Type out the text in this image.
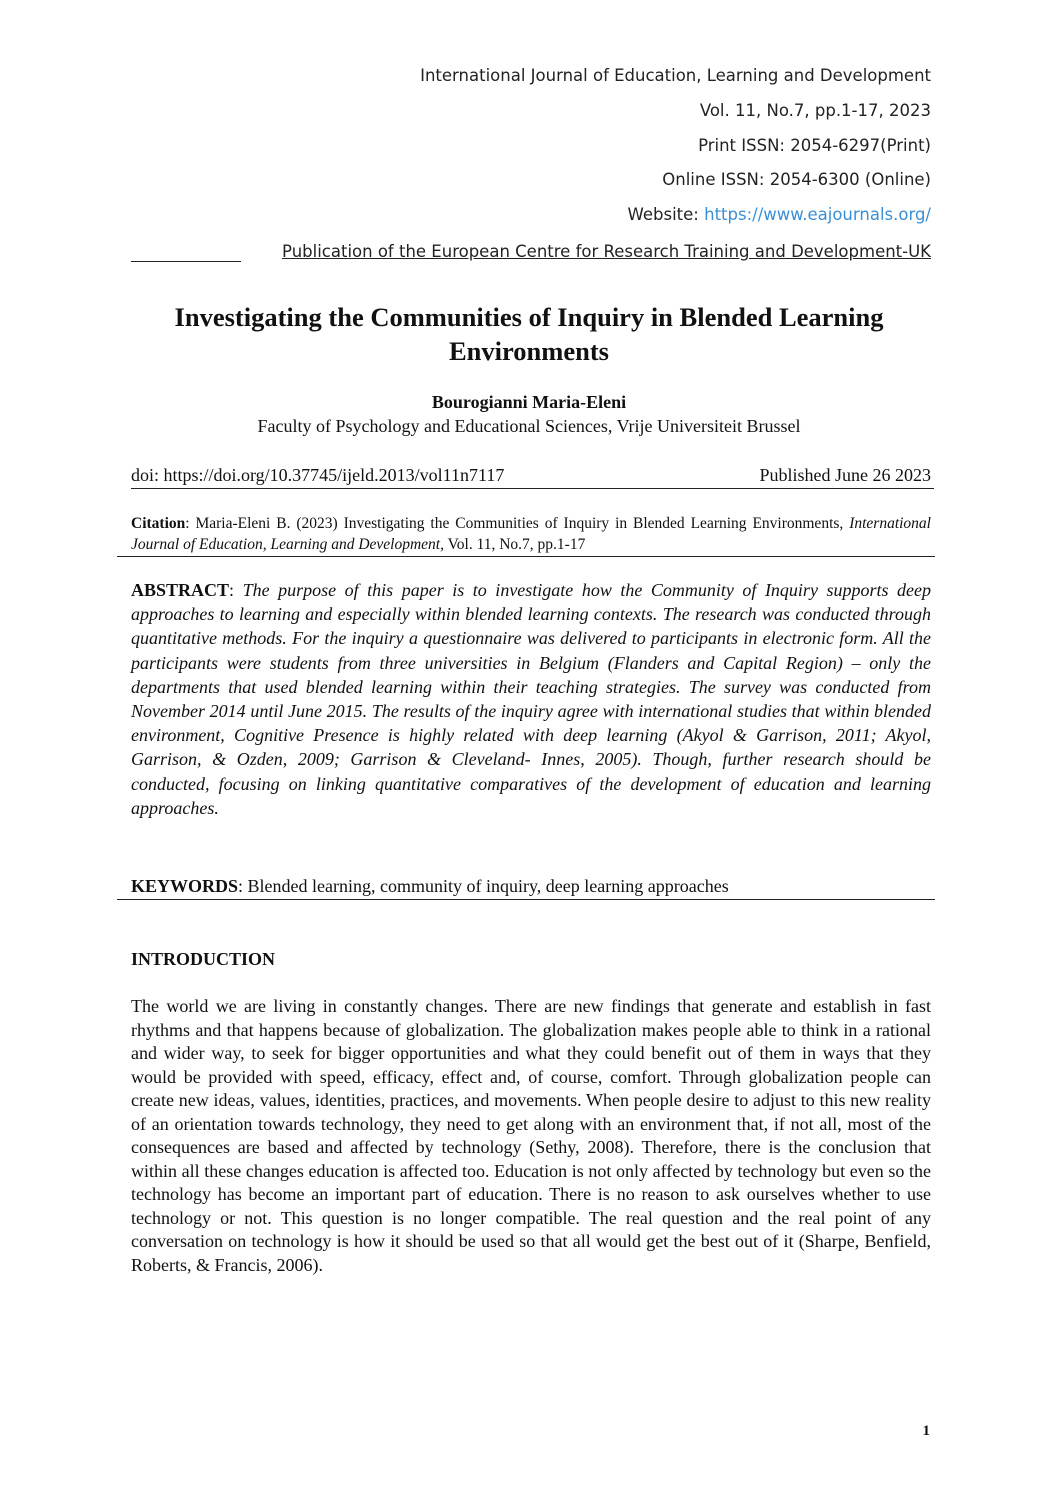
International Journal of Education, Learning and Development
Vol. 11, No.7, pp.1-17, 2023
Print ISSN: 2054-6297(Print)
Online ISSN: 2054-6300 (Online)
Website: https://www.eajournals.org/
Publication of the European Centre for Research Training and Development-UK
Investigating the Communities of Inquiry in Blended Learning Environments
Bourogianni Maria-Eleni
Faculty of Psychology and Educational Sciences, Vrije Universiteit Brussel
doi: https://doi.org/10.37745/ijeld.2013/vol11n7117	Published June 26 2023
Citation: Maria-Eleni B. (2023) Investigating the Communities of Inquiry in Blended Learning Environments, International Journal of Education, Learning and Development, Vol. 11, No.7, pp.1-17
ABSTRACT: The purpose of this paper is to investigate how the Community of Inquiry supports deep approaches to learning and especially within blended learning contexts. The research was conducted through quantitative methods. For the inquiry a questionnaire was delivered to participants in electronic form. All the participants were students from three universities in Belgium (Flanders and Capital Region) – only the departments that used blended learning within their teaching strategies. The survey was conducted from November 2014 until June 2015. The results of the inquiry agree with international studies that within blended environment, Cognitive Presence is highly related with deep learning (Akyol & Garrison, 2011; Akyol, Garrison, & Ozden, 2009; Garrison & Cleveland- Innes, 2005). Though, further research should be conducted, focusing on linking quantitative comparatives of the development of education and learning approaches.
KEYWORDS: Blended learning, community of inquiry, deep learning approaches
INTRODUCTION
The world we are living in constantly changes. There are new findings that generate and establish in fast rhythms and that happens because of globalization. The globalization makes people able to think in a rational and wider way, to seek for bigger opportunities and what they could benefit out of them in ways that they would be provided with speed, efficacy, effect and, of course, comfort. Through globalization people can create new ideas, values, identities, practices, and movements. When people desire to adjust to this new reality of an orientation towards technology, they need to get along with an environment that, if not all, most of the consequences are based and affected by technology (Sethy, 2008). Therefore, there is the conclusion that within all these changes education is affected too. Education is not only affected by technology but even so the technology has become an important part of education. There is no reason to ask ourselves whether to use technology or not. This question is no longer compatible. The real question and the real point of any conversation on technology is how it should be used so that all would get the best out of it (Sharpe, Benfield, Roberts, & Francis, 2006).
1
